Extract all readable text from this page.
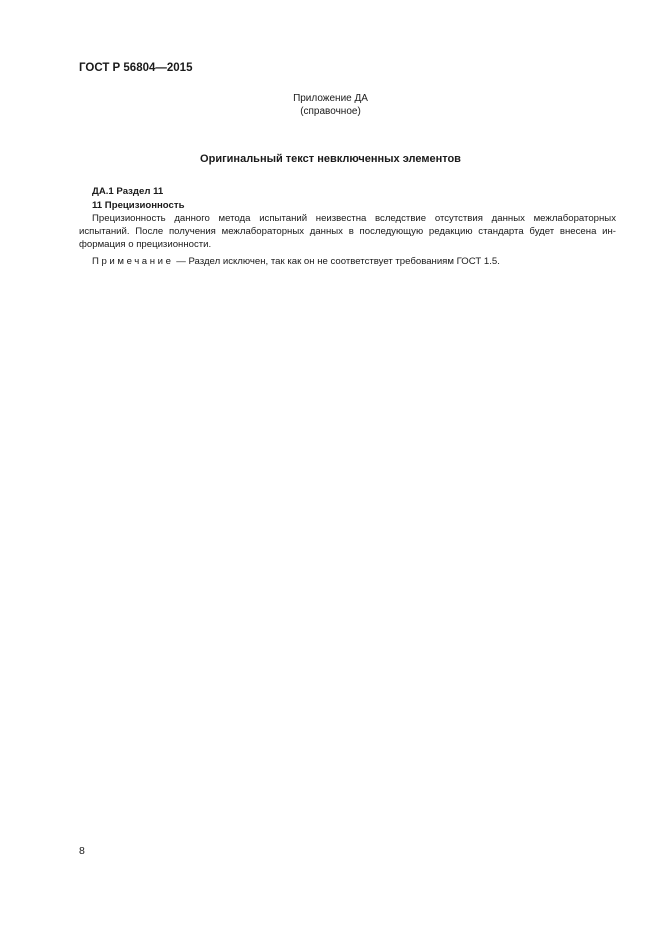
ГОСТ Р 56804—2015
Приложение ДА
(справочное)
Оригинальный текст невключенных элементов
ДА.1 Раздел 11
11 Прецизионность
Прецизионность данного метода испытаний неизвестна вследствие отсутствия данных межлабораторных
испытаний. После получения межлабораторных данных в последующую редакцию стандарта будет внесена ин-
формация о прецизионности.
Примечание — Раздел исключен, так как он не соответствует требованиям ГОСТ 1.5.
8
